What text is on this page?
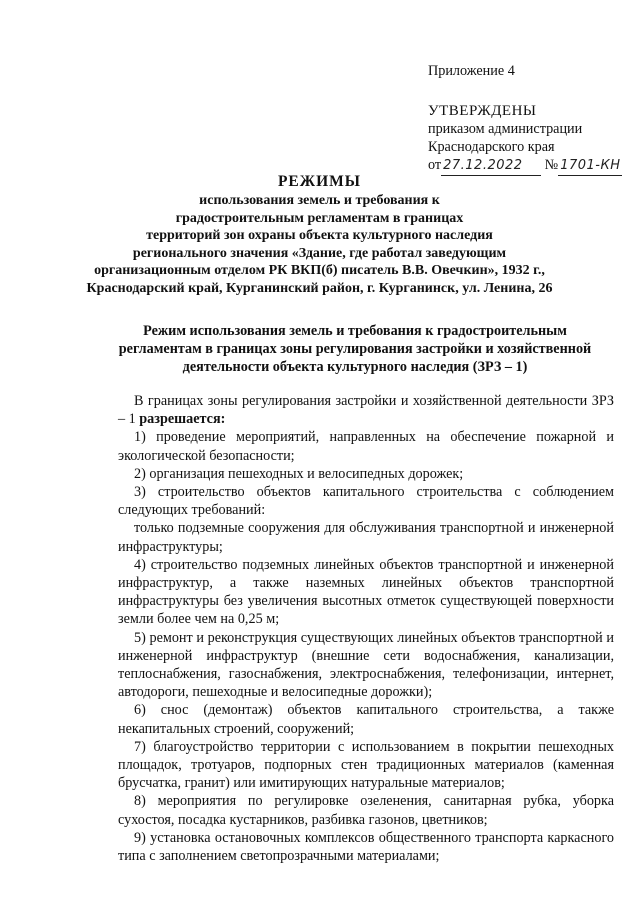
Приложение 4
УТВЕРЖДЕНЫ
приказом администрации
Краснодарского края
от 27.12.2022 № 1701-КН
РЕЖИМЫ
использования земель и требования к
градостроительным регламентам в границах
территорий зон охраны объекта культурного наследия
регионального значения «Здание, где работал заведующим
организационным отделом РК ВКП(б) писатель В.В. Овечкин», 1932 г.,
Краснодарский край, Курганинский район, г. Курганинск, ул. Ленина, 26
Режим использования земель и требования к градостроительным регламентам в границах зоны регулирования застройки и хозяйственной деятельности объекта культурного наследия (ЗРЗ – 1)

В границах зоны регулирования застройки и хозяйственной деятельности ЗРЗ – 1 разрешается:

1) проведение мероприятий, направленных на обеспечение пожарной и экологической безопасности;

2) организация пешеходных и велосипедных дорожек;

3) строительство объектов капитального строительства с соблюдением следующих требований:

только подземные сооружения для обслуживания транспортной и инженерной инфраструктуры;

4) строительство подземных линейных объектов транспортной и инженерной инфраструктур, а также наземных линейных объектов транспортной инфраструктуры без увеличения высотных отметок существующей поверхности земли более чем на 0,25 м;

5) ремонт и реконструкция существующих линейных объектов транспортной и инженерной инфраструктур (внешние сети водоснабжения, канализации, теплоснабжения, газоснабжения, электроснабжения, телефонизации, интернет, автодороги, пешеходные и велосипедные дорожки);

6) снос (демонтаж) объектов капитального строительства, а также некапитальных строений, сооружений;

7) благоустройство территории с использованием в покрытии пешеходных площадок, тротуаров, подпорных стен традиционных материалов (каменная брусчатка, гранит) или имитирующих натуральные материалов;

8) мероприятия по регулировке озеленения, санитарная рубка, уборка сухостоя, посадка кустарников, разбивка газонов, цветников;

9) установка остановочных комплексов общественного транспорта каркасного типа с заполнением светопрозрачными материалами;
